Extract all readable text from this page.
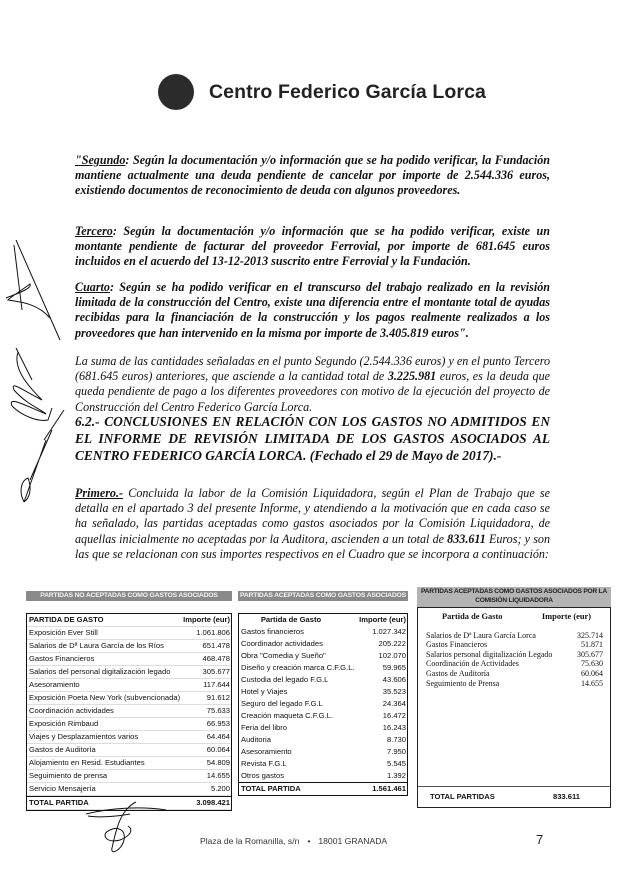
Centro Federico García Lorca
"Segundo: Según la documentación y/o información que se ha podido verificar, la Fundación mantiene actualmente una deuda pendiente de cancelar por importe de 2.544.336 euros, existiendo documentos de reconocimiento de deuda con algunos proveedores.
Tercero: Según la documentación y/o información que se ha podido verificar, existe un montante pendiente de facturar del proveedor Ferrovial, por importe de 681.645 euros incluidos en el acuerdo del 13-12-2013 suscrito entre Ferrovial y la Fundación.
Cuarto: Según se ha podido verificar en el transcurso del trabajo realizado en la revisión limitada de la construcción del Centro, existe una diferencia entre el montante total de ayudas recibidas para la financiación de la construcción y los pagos realmente realizados a los proveedores que han intervenido en la misma por importe de 3.405.819 euros".
La suma de las cantidades señaladas en el punto Segundo (2.544.336 euros) y en el punto Tercero (681.645 euros) anteriores, que asciende a la cantidad total de 3.225.981 euros, es la deuda que queda pendiente de pago a los diferentes proveedores con motivo de la ejecución del proyecto de Construcción del Centro Federico García Lorca.
6.2.- CONCLUSIONES EN RELACIÓN CON LOS GASTOS NO ADMITIDOS EN EL INFORME DE REVISIÓN LIMITADA DE LOS GASTOS ASOCIADOS AL CENTRO FEDERICO GARCÍA LORCA. (Fechado el 29 de Mayo de 2017).-
Primero.- Concluida la labor de la Comisión Liquidadora, según el Plan de Trabajo que se detalla en el apartado 3 del presente Informe, y atendiendo a la motivación que en cada caso se ha señalado, las partidas aceptadas como gastos asociados por la Comisión Liquidadora, de aquellas inicialmente no aceptadas por la Auditora, ascienden a un total de 833.611 Euros; y son las que se relacionan con sus importes respectivos en el Cuadro que se incorpora a continuación:
PARTIDAS NO ACEPTADAS COMO GASTOS ASOCIADOS
PARTIDA DE GASTO	Importe (eur)
Exposición Ever Still	1.061.806
Salarios de Dª Laura García de los Ríos	651.478
Gastos Financieros	468.478
Salarios del personal digitalización legado	305.677
Asesoramiento	117.644
Exposición Poeta New York (subvencionada)	91.612
Coordinación actividades	75.633
Exposición Rimbaud	66.953
Viajes y Desplazamientos varios	64.464
Gastos de Auditoría	60.064
Alojamiento en Resid. Estudiantes	54.809
Seguimiento de prensa	14.655
Servicio Mensajería	5.200
TOTAL PARTIDA	3.098.421
PARTIDAS ACEPTADAS COMO GASTOS ASOCIADOS
Partida de Gasto	Importe (eur)
Gastos financieros	1.027.342
Coordinador actividades	205.222
Obra "Comedia y Sueño"	102.070
Diseño y creación marca C.F.G.L.	59.965
Custodia del legado F.G.L	43.606
Hotel y Viajes	35.523
Seguro del legado F.G.L	24.364
Creación maqueta C.F.G.L.	16.472
Feria del libro	16.243
Auditoria	8.730
Asesoramiento	7.950
Revista F.G.L	5.545
Otros gastos	1.392
TOTAL PARTIDA	1.561.461
PARTIDAS ACEPTADAS COMO GASTOS ASOCIADOS POR LA COMISIÓN LIQUIDADORA
Partida de Gasto	Importe (eur)
Salarios de Dª Laura García Lorca	325.714
Gastos Financieros	51.871
Salarios personal digitalización Legado	305.677
Coordinación de Actividades	75.630
Gastos de Auditoría	60.064
Seguimiento de Prensa	14.655
TOTAL PARTIDAS	833.611
Plaza de la Romanilla, s/n • 18001 GRANADA	7
